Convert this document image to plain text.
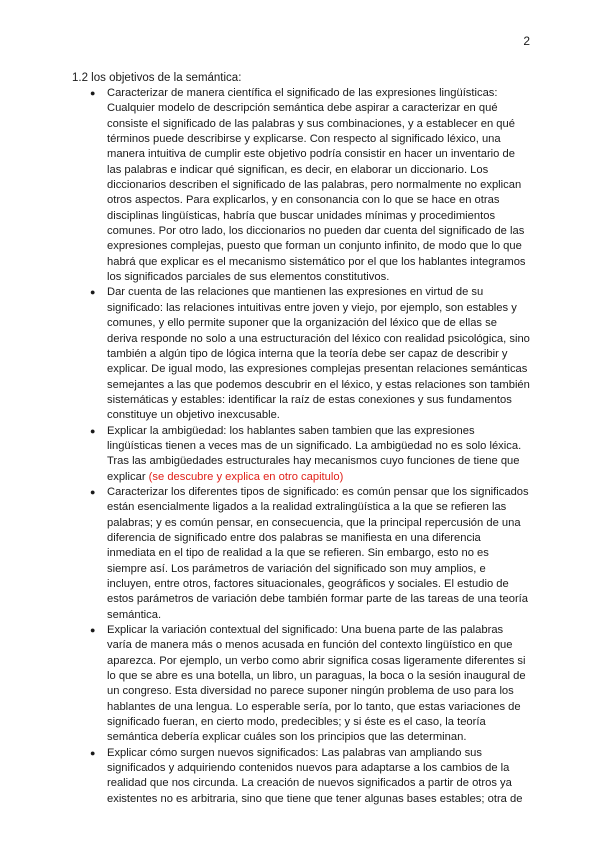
2
1.2 los objetivos de la semántica:
● Caracterizar de manera científica el significado de las expresiones lingüísticas: Cualquier modelo de descripción semántica debe aspirar a caracterizar en qué consiste el significado de las palabras y sus combinaciones, y a establecer en qué términos puede describirse y explicarse. Con respecto al significado léxico, una manera intuitiva de cumplir este objetivo podría consistir en hacer un inventario de las palabras e indicar qué significan, es decir, en elaborar un diccionario. Los diccionarios describen el significado de las palabras, pero normalmente no explican otros aspectos. Para explicarlos, y en consonancia con lo que se hace en otras disciplinas lingüísticas, habría que buscar unidades mínimas y procedimientos comunes. Por otro lado, los diccionarios no pueden dar cuenta del significado de las expresiones complejas, puesto que forman un conjunto infinito, de modo que lo que habrá que explicar es el mecanismo sistemático por el que los hablantes integramos los significados parciales de sus elementos constitutivos.
● Dar cuenta de las relaciones que mantienen las expresiones en virtud de su significado: las relaciones intuitivas entre joven y viejo, por ejemplo, son estables y comunes, y ello permite suponer que la organización del léxico que de ellas se deriva responde no solo a una estructuración del léxico con realidad psicológica, sino también a algún tipo de lógica interna que la teoría debe ser capaz de describir y explicar. De igual modo, las expresiones complejas presentan relaciones semánticas semejantes a las que podemos descubrir en el léxico, y estas relaciones son también sistemáticas y estables: identificar la raíz de estas conexiones y sus fundamentos constituye un objetivo inexcusable.
● Explicar la ambigüedad: los hablantes saben tambien que las expresiones lingüísticas tienen a veces mas de un significado. La ambigüedad no es solo léxica. Tras las ambigüedades estructurales hay mecanismos cuyo funciones de tiene que explicar (se descubre y explica en otro capitulo)
● Caracterizar los diferentes tipos de significado: es común pensar que los significados están esencialmente ligados a la realidad extralingüística a la que se refieren las palabras; y es común pensar, en consecuencia, que la principal repercusión de una diferencia de significado entre dos palabras se manifiesta en una diferencia inmediata en el tipo de realidad a la que se refieren. Sin embargo, esto no es siempre así. Los parámetros de variación del significado son muy amplios, e incluyen, entre otros, factores situacionales, geográficos y sociales. El estudio de estos parámetros de variación debe también formar parte de las tareas de una teoría semántica.
● Explicar la variación contextual del significado: Una buena parte de las palabras varía de manera más o menos acusada en función del contexto lingüístico en que aparezca. Por ejemplo, un verbo como abrir significa cosas ligeramente diferentes si lo que se abre es una botella, un libro, un paraguas, la boca o la sesión inaugural de un congreso. Esta diversidad no parece suponer ningún problema de uso para los hablantes de una lengua. Lo esperable sería, por lo tanto, que estas variaciones de significado fueran, en cierto modo, predecibles; y si éste es el caso, la teoría semántica debería explicar cuáles son los principios que las determinan.
● Explicar cómo surgen nuevos significados: Las palabras van ampliando sus significados y adquiriendo contenidos nuevos para adaptarse a los cambios de la realidad que nos circunda. La creación de nuevos significados a partir de otros ya existentes no es arbitraria, sino que tiene que tener algunas bases estables; otra de
